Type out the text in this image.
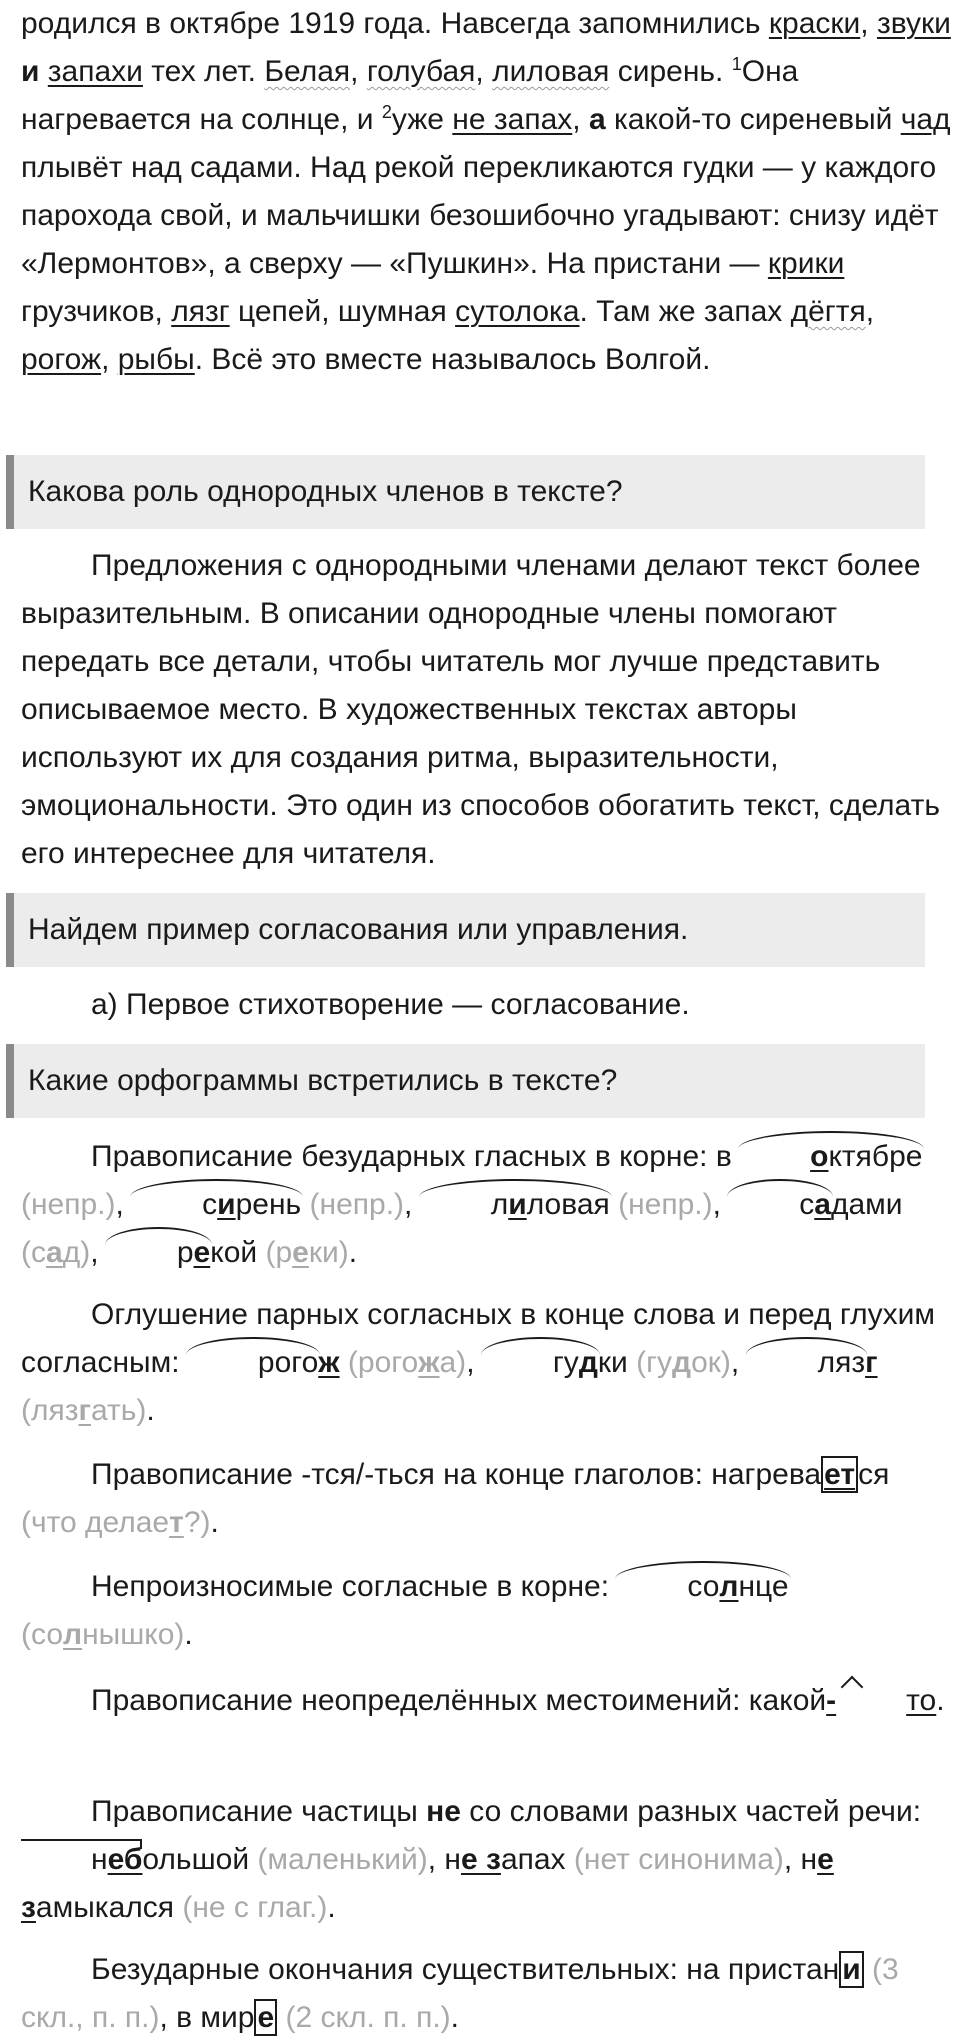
родился в октябре 1919 года. Навсегда запомнились краски, звуки и запахи тех лет. Белая, голубая, лиловая сирень. $^1$Она нагревается на солнце, и $^2$уже не запах, а какой-то сиреневый чад плывёт над садами. Над рекой перекликаются гудки — у каждого парохода свой, и мальчишки безошибочно угадывают: снизу идёт «Лермонтов», а сверху — «Пушкин». На пристани — крики грузчиков, лязг цепей, шумная сутолока. Там же запах дёгтя, рогож, рыбы. Всё это вместе называлось Волгой.

Какова роль однородных членов в тексте?

Предложения с однородными членами делают текст более выразительным. В описании однородные члены помогают передать все детали, чтобы читатель мог лучше представить описываемое место. В художественных текстах авторы используют их для создания ритма, выразительности, эмоциональности. Это один из способов обогатить текст, сделать его интереснее для читателя.

Найдем пример согласования или управления.

а) Первое стихотворение — согласование.

Какие орфограммы встретились в тексте?

Правописание безударных гласных в корне: в октябре (непр.), сирень (непр.), лиловая (непр.), садами (сад), рекой (реки).

Оглушение парных согласных в конце слова и перед глухим согласным: рогож (рогожа), гудки (гудок), лязг (лязгать).

Правописание -тся/-ться на конце глаголов: нагрева ет ся (что делает?).

Непроизносимые согласные в корне: солнце (солнышко).

Правописание неопределённых местоимений: какой- то.

Правописание частицы не со словами разных частей речи: небольшой (маленький), не запах (нет синонима), не замыкался (не с глаг.).

Безударные окончания существительных: на пристан и (3 скл., п. п.), в мир е (2 скл. п. п.).
